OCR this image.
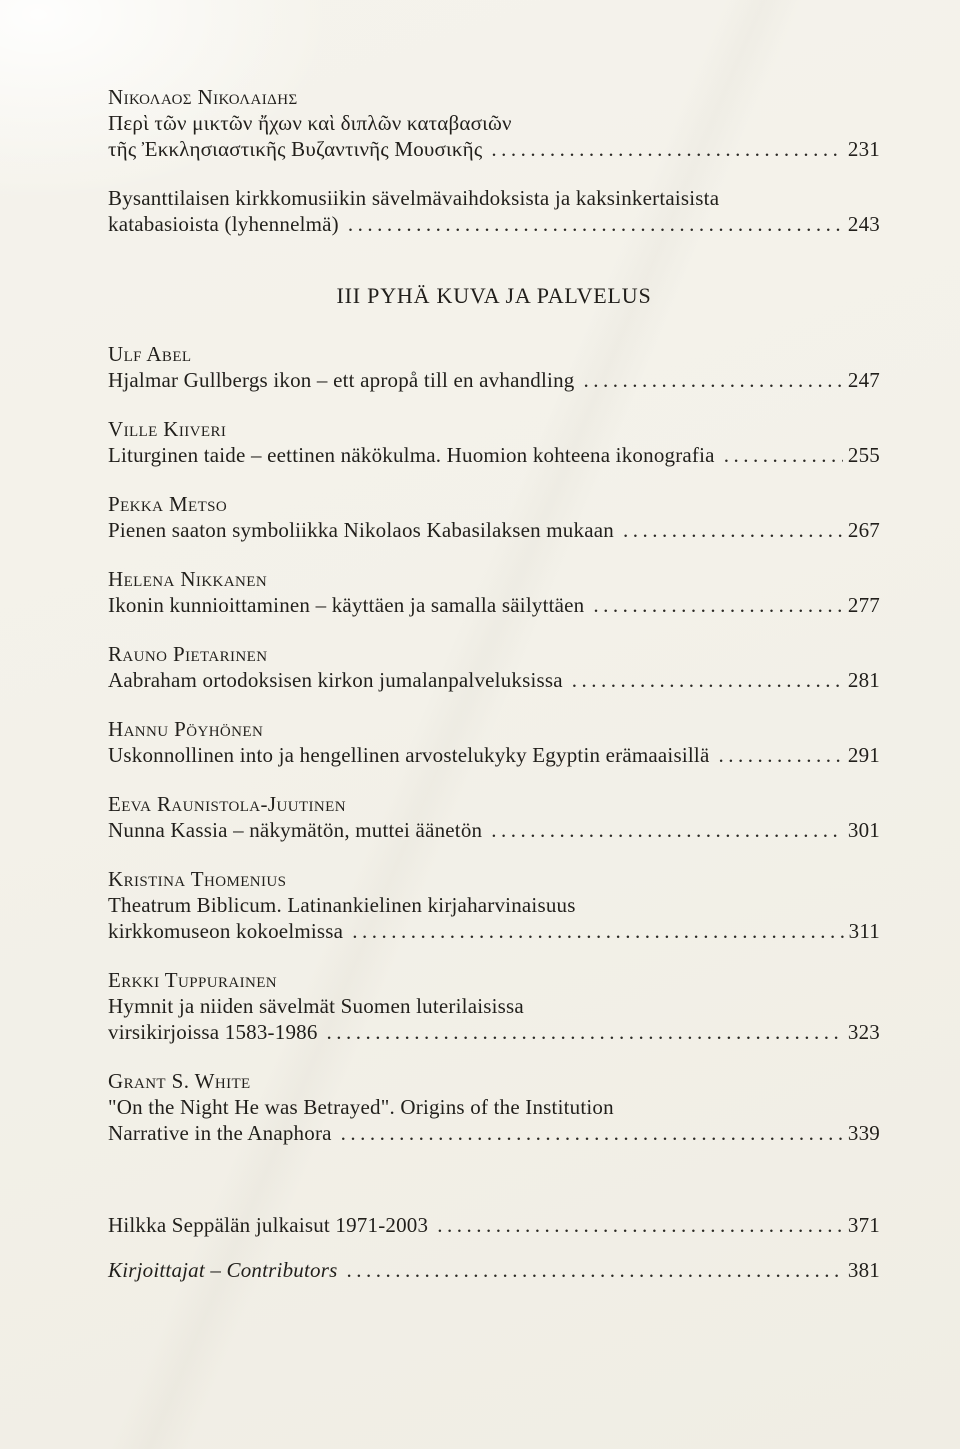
Νικολαος Νικολαιδης
Περὶ τῶν μικτῶν ἤχων καὶ διπλῶν καταβασιῶν
τῆς Ἐκκλησιαστικῆς Βυζαντινῆς Μουσικῆς .....	231
Bysanttilaisen kirkkomusiikin sävelmävaihdoksista ja kaksinkertaisista
katabasioista (lyhennelmä) .....	243
III PYHÄ KUVA JA PALVELUS
Ulf Abel
Hjalmar Gullbergs ikon – ett apropå till en avhandling .....	247
Ville Kiiveri
Liturginen taide – eettinen näkökulma. Huomion kohteena ikonografia .....	255
Pekka Metso
Pienen saaton symboliikka Nikolaos Kabasilaksen mukaan .....	267
Helena Nikkanen
Ikonin kunnioittaminen – käyttäen ja samalla säilyttäen .....	277
Rauno Pietarinen
Aabraham ortodoksisen kirkon jumalanpalveluksissa .....	281
Hannu Pöyhönen
Uskonnollinen into ja hengellinen arvostelukyky Egyptin erämaaisillä .....	291
Eeva Raunistola-Juutinen
Nunna Kassia – näkymätön, muttei äänetön .....	301
Kristina Thomenius
Theatrum Biblicum. Latinankielinen kirjaharvinaisuus
kirkkomuseon kokoelmissa .....	311
Erkki Tuppurainen
Hymnit ja niiden sävelmät Suomen luterilaisissa
virsikirjoissa 1583-1986 .....	323
Grant S. White
"On the Night He was Betrayed". Origins of the Institution
Narrative in the Anaphora .....	339
Hilkka Seppälän julkaisut 1971-2003 .....	371
Kirjoittajat – Contributors .....	381
